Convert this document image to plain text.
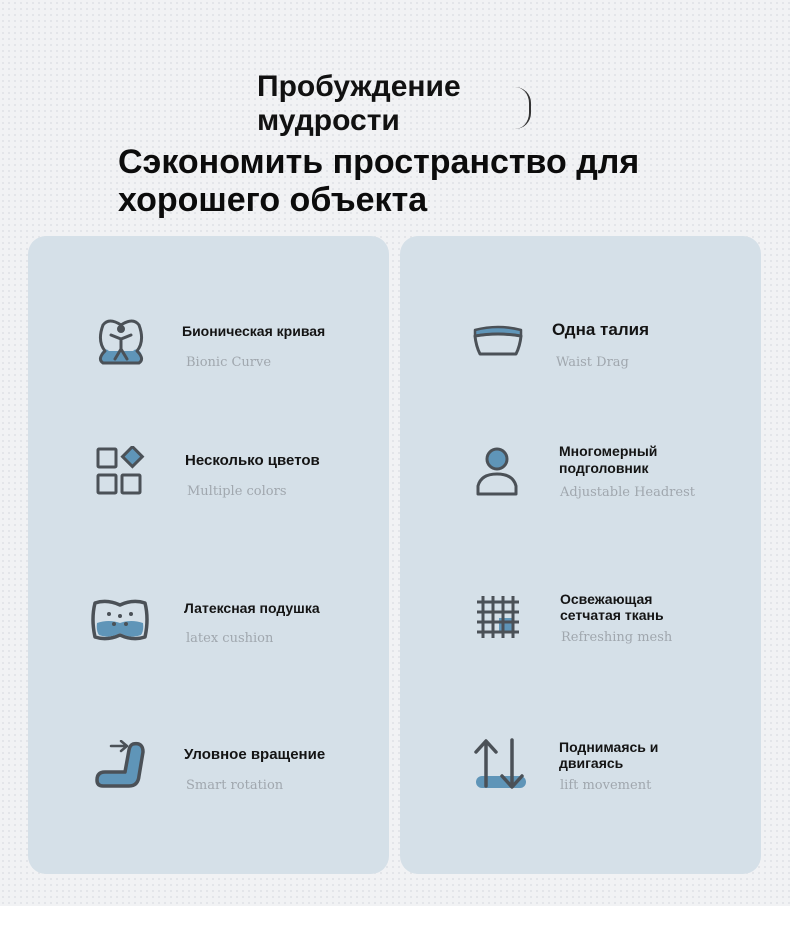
Пробуждение
мудрости
Сэкономить пространство для
хорошего объекта
Бионическая кривая
Bionic Curve
Несколько цветов
Multiple colors
Латексная подушка
latex cushion
Уловное вращение
Smart rotation
Одна талия
Waist Drag
Многомерный
подголовник
Adjustable Headrest
Освежающая
сетчатая ткань
Refreshing mesh
Поднимаясь и
двигаясь
lift movement
